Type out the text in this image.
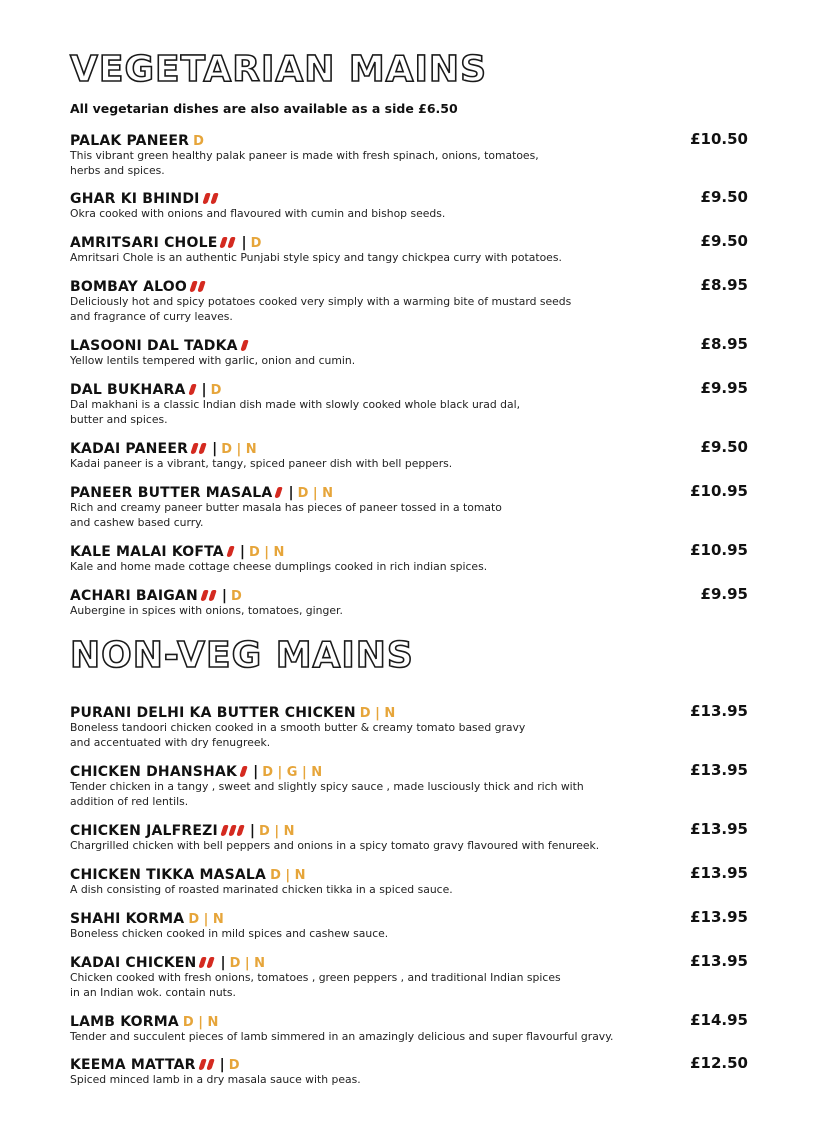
VEGETARIAN MAINS
All vegetarian dishes are also available as a side £6.50
PALAK PANEER D	£10.50
This vibrant green healthy palak paneer is made with fresh spinach, onions, tomatoes,
herbs and spices.
GHAR KI BHINDI	£9.50
Okra cooked with onions and flavoured with cumin and bishop seeds.
AMRITSARI CHOLE | D	£9.50
Amritsari Chole is an authentic Punjabi style spicy and tangy chickpea curry with potatoes.
BOMBAY ALOO	£8.95
Deliciously hot and spicy potatoes cooked very simply with a warming bite of mustard seeds
and fragrance of curry leaves.
LASOONI DAL TADKA	£8.95
Yellow lentils tempered with garlic, onion and cumin.
DAL BUKHARA | D	£9.95
Dal makhani is a classic Indian dish made with slowly cooked whole black urad dal,
butter and spices.
KADAI PANEER | D | N	£9.50
Kadai paneer is a vibrant, tangy, spiced paneer dish with bell peppers.
PANEER BUTTER MASALA | D | N	£10.95
Rich and creamy paneer butter masala has pieces of paneer tossed in a tomato
and cashew based curry.
KALE MALAI KOFTA | D | N	£10.95
Kale and home made cottage cheese dumplings cooked in rich indian spices.
ACHARI BAIGAN | D	£9.95
Aubergine in spices with onions, tomatoes, ginger.
NON-VEG MAINS
PURANI DELHI KA BUTTER CHICKEN D | N	£13.95
Boneless tandoori chicken cooked in a smooth butter & creamy tomato based gravy
and accentuated with dry fenugreek.
CHICKEN DHANSHAK | D | G | N	£13.95
Tender chicken in a tangy , sweet and slightly spicy sauce , made lusciously thick and rich with
addition of red lentils.
CHICKEN JALFREZI | D | N	£13.95
Chargrilled chicken with bell peppers and onions in a spicy tomato gravy flavoured with fenureek.
CHICKEN TIKKA MASALA D | N	£13.95
A dish consisting of roasted marinated chicken tikka in a spiced sauce.
SHAHI KORMA D | N	£13.95
Boneless chicken cooked in mild spices and cashew sauce.
KADAI CHICKEN | D | N	£13.95
Chicken cooked with fresh onions, tomatoes , green peppers , and traditional Indian spices
in an Indian wok. contain nuts.
LAMB KORMA D | N	£14.95
Tender and succulent pieces of lamb simmered in an amazingly delicious and super flavourful gravy.
KEEMA MATTAR | D	£12.50
Spiced minced lamb in a dry masala sauce with peas.
